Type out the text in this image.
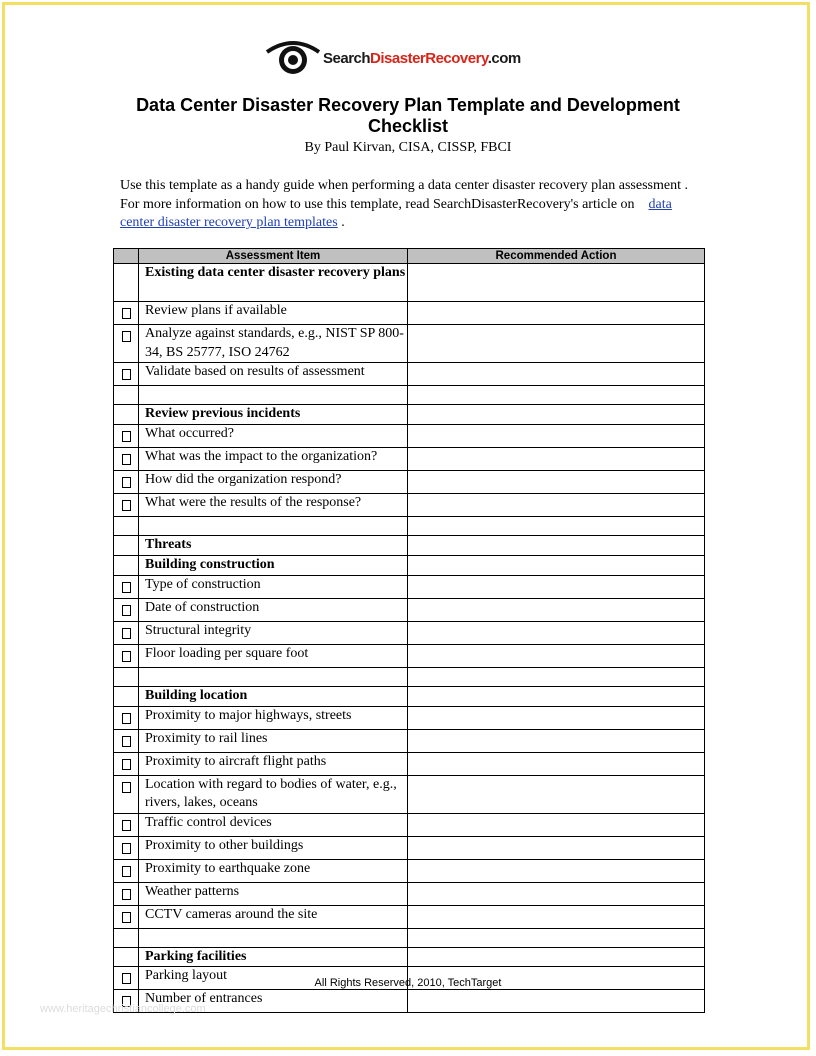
SearchDisasterRecovery.com
Data Center Disaster Recovery Plan Template and Development Checklist
By Paul Kirvan, CISA, CISSP, FBCI
Use this template as a handy guide when performing a data center disaster recovery plan assessment . For more information on how to use this template, read SearchDisasterRecovery's article on data center disaster recovery plan templates .
	Assessment Item	Recommended Action
	Existing data center disaster recovery plans	
	Review plans if available	
	Analyze against standards, e.g., NIST SP 800-34, BS 25777, ISO 24762	
	Validate based on results of assessment	

	Review previous incidents	
	What occurred?	
	What was the impact to the organization?	
	How did the organization respond?	
	What were the results of the response?	

	Threats	
	Building construction	
	Type of construction	
	Date of construction	
	Structural integrity	
	Floor loading per square foot	

	Building location	
	Proximity to major highways, streets	
	Proximity to rail lines	
	Proximity to aircraft flight paths	
	Location with regard to bodies of water, e.g., rivers, lakes, oceans	
	Traffic control devices	
	Proximity to other buildings	
	Proximity to earthquake zone	
	Weather patterns	
	CCTV cameras around the site	

	Parking facilities	
	Parking layout	
	Number of entrances	
All Rights Reserved, 2010, TechTarget
www.heritagechristiancollege.com
